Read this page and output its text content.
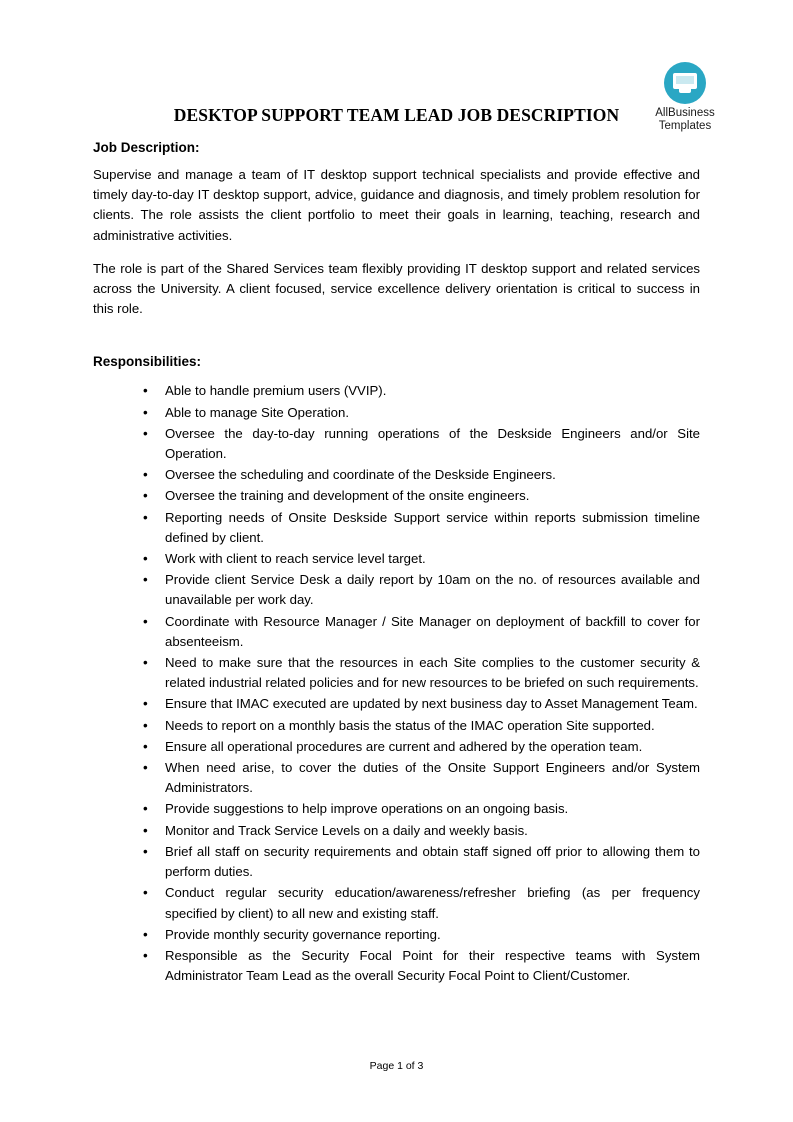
AllBusiness
Templates
DESKTOP SUPPORT TEAM LEAD JOB DESCRIPTION
Job Description:

Supervise and manage a team of IT desktop support technical specialists and provide effective and timely day-to-day IT desktop support, advice, guidance and diagnosis, and timely problem resolution for clients. The role assists the client portfolio to meet their goals in learning, teaching, research and administrative activities.

The role is part of the Shared Services team flexibly providing IT desktop support and related services across the University. A client focused, service excellence delivery orientation is critical to success in this role.

Responsibilities:
• Able to handle premium users (VVIP).
• Able to manage Site Operation.
• Oversee the day-to-day running operations of the Deskside Engineers and/or Site Operation.
• Oversee the scheduling and coordinate of the Deskside Engineers.
• Oversee the training and development of the onsite engineers.
• Reporting needs of Onsite Deskside Support service within reports submission timeline defined by client.
• Work with client to reach service level target.
• Provide client Service Desk a daily report by 10am on the no. of resources available and unavailable per work day.
• Coordinate with Resource Manager / Site Manager on deployment of backfill to cover for absenteeism.
• Need to make sure that the resources in each Site complies to the customer security & related industrial related policies and for new resources to be briefed on such requirements.
• Ensure that IMAC executed are updated by next business day to Asset Management Team.
• Needs to report on a monthly basis the status of the IMAC operation Site supported.
• Ensure all operational procedures are current and adhered by the operation team.
• When need arise, to cover the duties of the Onsite Support Engineers and/or System Administrators.
• Provide suggestions to help improve operations on an ongoing basis.
• Monitor and Track Service Levels on a daily and weekly basis.
• Brief all staff on security requirements and obtain staff signed off prior to allowing them to perform duties.
• Conduct regular security education/awareness/refresher briefing (as per frequency specified by client) to all new and existing staff.
• Provide monthly security governance reporting.
• Responsible as the Security Focal Point for their respective teams with System Administrator Team Lead as the overall Security Focal Point to Client/Customer.
Page 1 of 3
